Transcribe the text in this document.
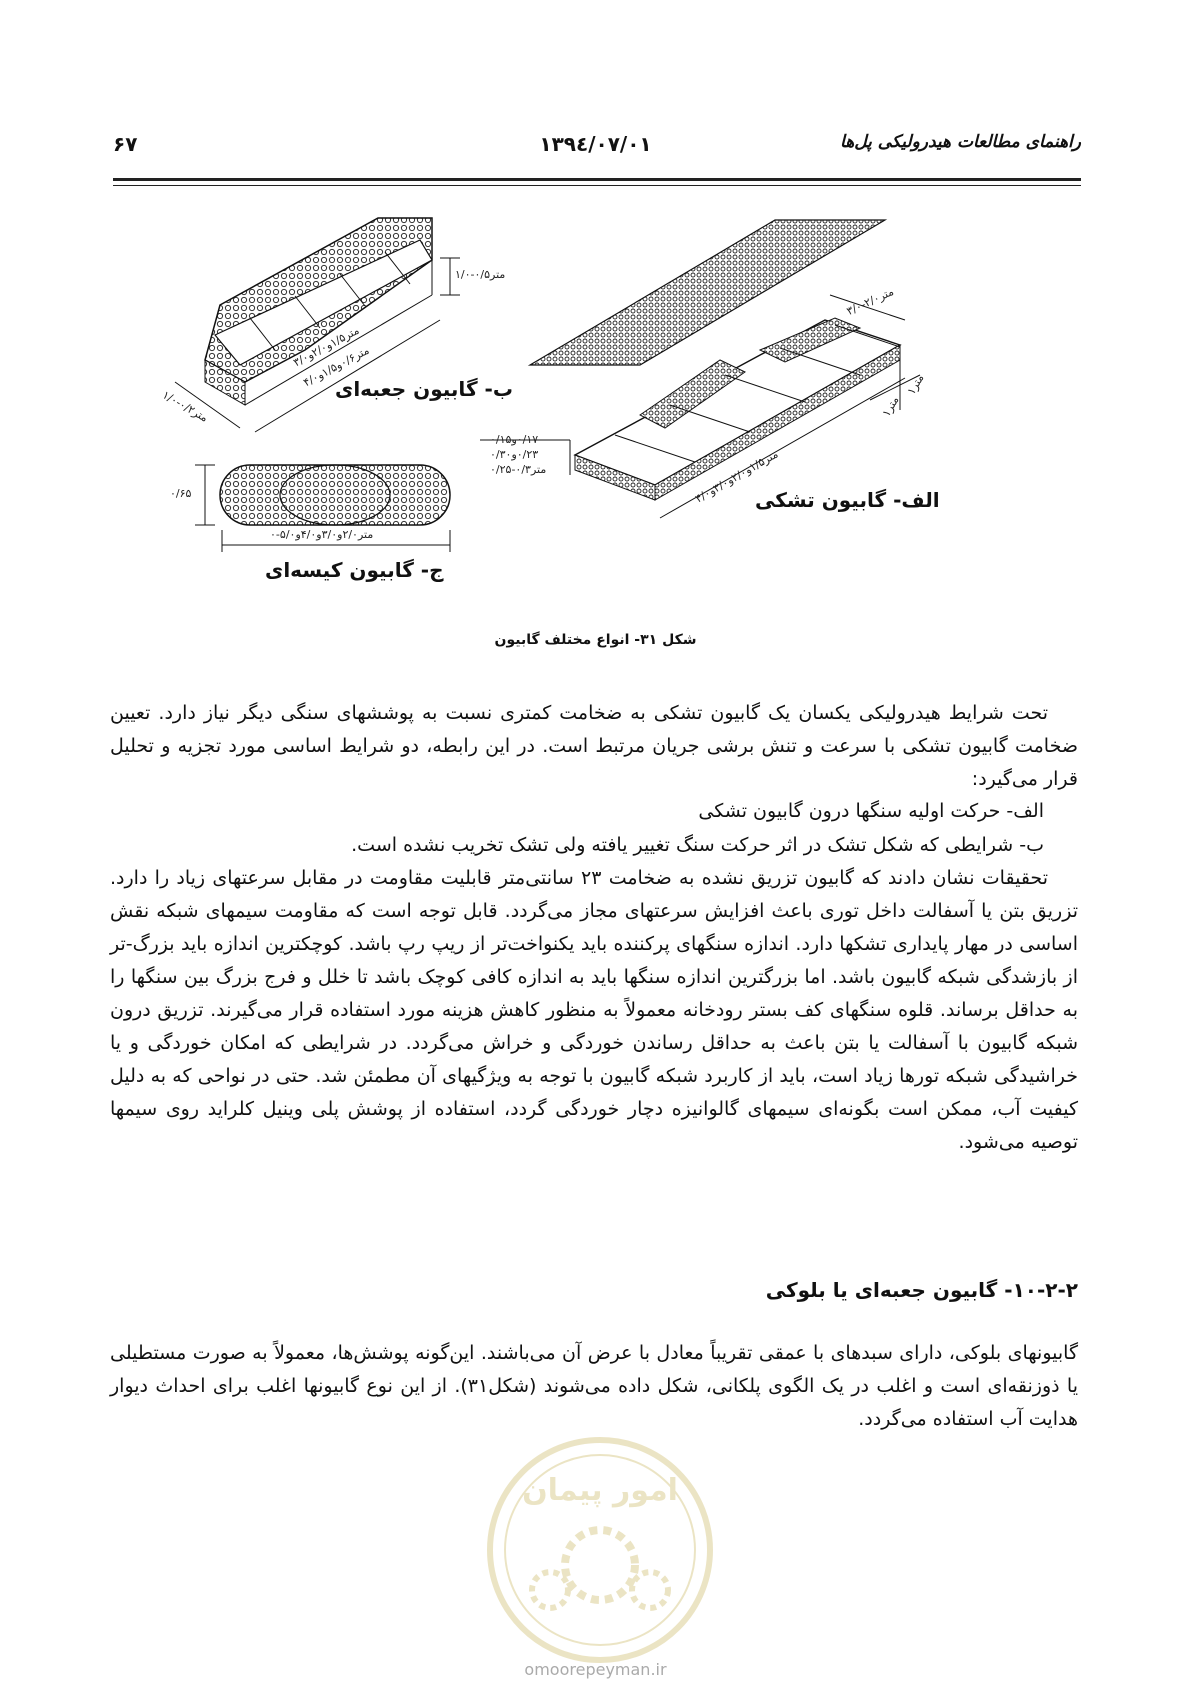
راهنمای مطالعات هیدرولیکی پل‌ها
۱۳۹٤/۰۷/۰۱
۶۷
ب- گابیون جعبه‌ای
الف- گابیون تشکی
ج- گابیون کیسه‌ای
متر۰/۵-۱/۰
متر۱/۵و۲/۰و۳/۰
متر۰/۶و۱/۵و۴/۰
متر۰/۲-۱/۰
متر۲/۰-۳/۰
متر۱
متر۱
۰/۱۷و۰/۱۵
۰/۲۳و۰/۳۰
متر۰/۳-۰/۲۵
متر۱/۵و۲/۰و۳/۰و۴/۰
۰/۶۵
متر۲/۰و۳/۰و۴/۰و۵/۰-۰
شکل ۳۱- انواع مختلف گابیون

تحت شرایط هیدرولیکی یکسان یک گابیون تشکی به ضخامت کمتری نسبت به پوششهای سنگی دیگر نیاز دارد. تعیین ضخامت گابیون تشکی با سرعت و تنش برشی جریان مرتبط است. در این رابطه، دو شرایط اساسی مورد تجزیه و تحلیل قرار می‌گیرد:

الف- حرکت اولیه سنگها درون گابیون تشکی
ب- شرایطی که شکل تشک در اثر حرکت سنگ تغییر یافته ولی تشک تخریب نشده است.

تحقیقات نشان دادند که گابیون تزریق نشده به ضخامت ۲۳ سانتی‌متر قابلیت مقاومت در مقابل سرعتهای زیاد را دارد. تزریق بتن یا آسفالت داخل توری باعث افزایش سرعتهای مجاز می‌گردد. قابل توجه است که مقاومت سیمهای شبکه نقش اساسی در مهار پایداری تشکها دارد. اندازه سنگهای پرکننده باید یکنواخت‌تر از ریپ رپ باشد. کوچکترین اندازه باید بزرگ-تر از بازشدگی شبکه گابیون باشد. اما بزرگترین اندازه سنگها باید به اندازه کافی کوچک باشد تا خلل و فرج بزرگ بین سنگها را به حداقل برساند. قلوه سنگهای کف بستر رودخانه معمولاً به منظور کاهش هزینه مورد استفاده قرار می‌گیرند. تزریق درون شبکه گابیون با آسفالت یا بتن باعث به حداقل رساندن خوردگی و خراش می‌گردد. در شرایطی که امکان خوردگی و یا خراشیدگی شبکه تورها زیاد است، باید از کاربرد شبکه گابیون با توجه به ویژگیهای آن مطمئن شد. حتی در نواحی که به دلیل کیفیت آب، ممکن است بگونه‌ای سیمهای گالوانیزه دچار خوردگی گردد، استفاده از پوشش پلی وینیل کلراید روی سیمها توصیه می‌شود.

۱۰-۲-۲- گابیون جعبه‌ای یا بلوکی

گابیونهای بلوکی، دارای سبدهای با عمقی تقریباً معادل با عرض آن می‌باشند. این‌گونه پوشش‌ها، معمولاً به صورت مستطیلی یا ذوزنقه‌ای است و اغلب در یک الگوی پلکانی، شکل داده می‌شوند (شکل۳۱). از این نوع گابیونها اغلب برای احداث دیوار هدایت آب استفاده می‌گردد.

امور پیمان
omoorepeyman.ir
